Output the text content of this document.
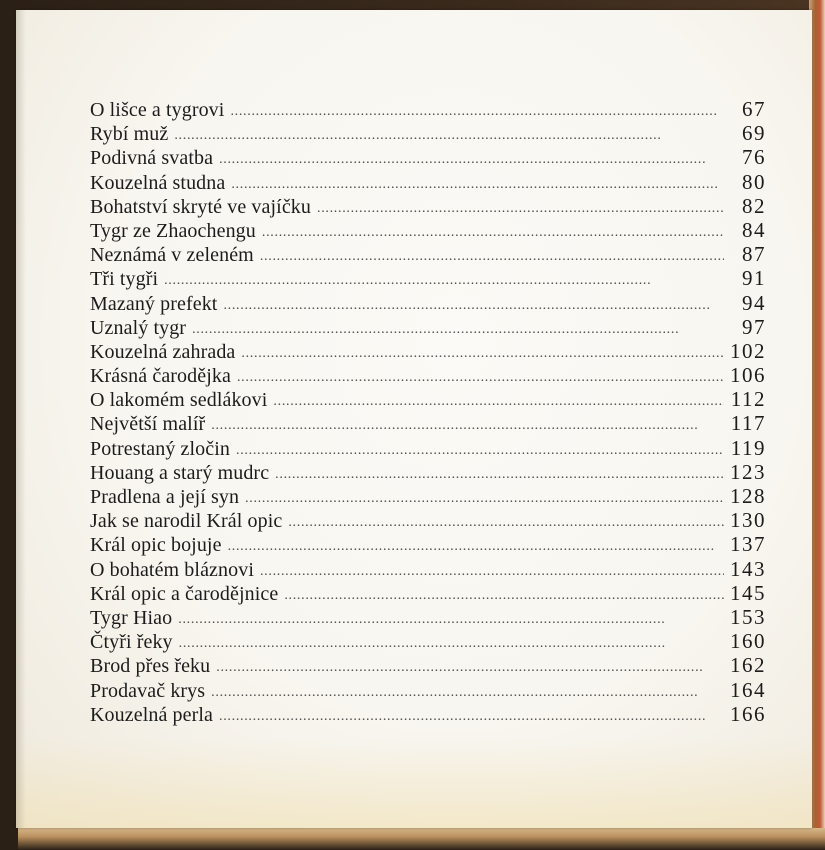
O lišce a tygrovi . . .	67
Rybí muž . . .	69
Podivná svatba . . .	76
Kouzelná studna . . .	80
Bohatství skryté ve vajíčku . . .	82
Tygr ze Zhaochengu . . .	84
Neznámá v zeleném . . .	87
Tři tygři . . .	91
Mazaný prefekt . . .	94
Uznalý tygr . . .	97
Kouzelná zahrada . . .	102
Krásná čarodějka . . .	106
O lakomém sedlákovi . . .	112
Největší malíř . . .	117
Potrestaný zločin . . .	119
Houang a starý mudrc . . .	123
Pradlena a její syn . . .	128
Jak se narodil Král opic . . .	130
Král opic bojuje . . .	137
O bohatém bláznovi . . .	143
Král opic a čarodějnice . . .	145
Tygr Hiao . . .	153
Čtyři řeky . . .	160
Brod přes řeku . . .	162
Prodavač krys . . .	164
Kouzelná perla . . .	166
